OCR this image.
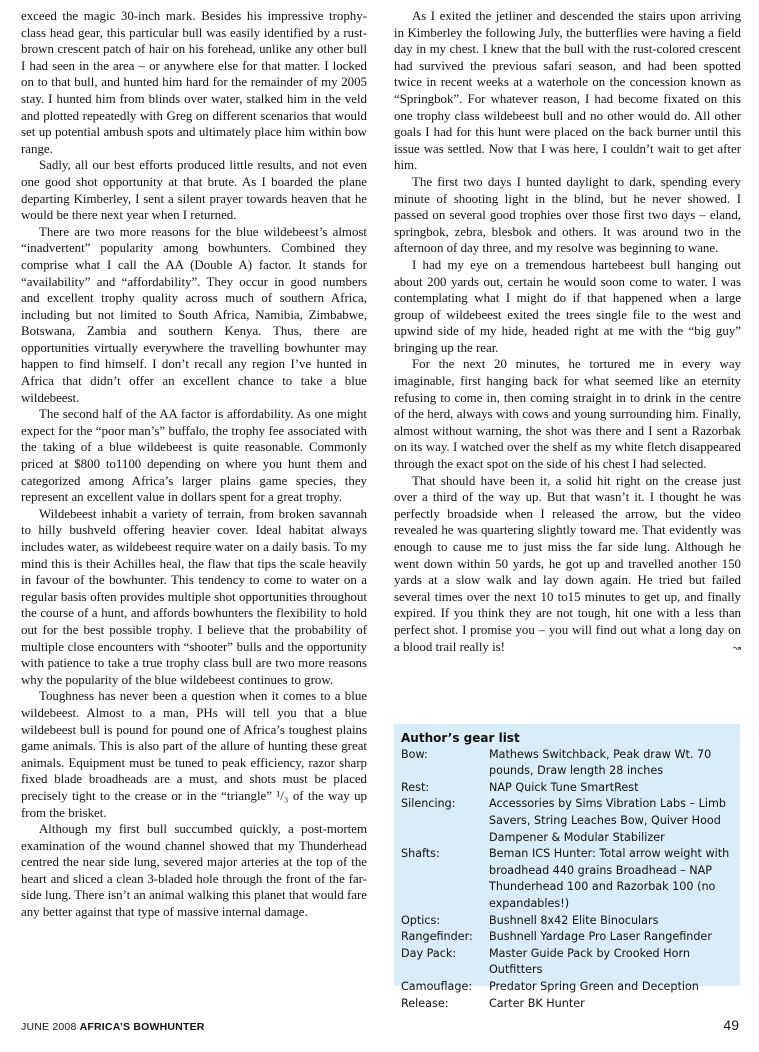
exceed the magic 30-inch mark. Besides his impressive trophy-class head gear, this particular bull was easily identified by a rust-brown crescent patch of hair on his forehead, unlike any other bull I had seen in the area – or anywhere else for that matter. I locked on to that bull, and hunted him hard for the remainder of my 2005 stay. I hunted him from blinds over water, stalked him in the veld and plotted repeatedly with Greg on different scenarios that would set up potential ambush spots and ultimately place him within bow range.

Sadly, all our best efforts produced little results, and not even one good shot opportunity at that brute. As I boarded the plane departing Kimberley, I sent a silent prayer towards heaven that he would be there next year when I returned.

There are two more reasons for the blue wildebeest’s almost “inadvertent” popularity among bowhunters. Combined they comprise what I call the AA (Double A) factor. It stands for “availability” and “affordability”. They occur in good numbers and excellent trophy quality across much of southern Africa, including but not limited to South Africa, Namibia, Zimbabwe, Botswana, Zambia and southern Kenya. Thus, there are opportunities virtually everywhere the travelling bowhunter may happen to find himself. I don’t recall any region I’ve hunted in Africa that didn’t offer an excellent chance to take a blue wildebeest.

The second half of the AA factor is affordability. As one might expect for the “poor man’s” buffalo, the trophy fee associated with the taking of a blue wildebeest is quite reasonable. Commonly priced at $800 to1100 depending on where you hunt them and categorized among Africa’s larger plains game species, they represent an excellent value in dollars spent for a great trophy.

Wildebeest inhabit a variety of terrain, from broken savannah to hilly bushveld offering heavier cover. Ideal habitat always includes water, as wildebeest require water on a daily basis. To my mind this is their Achilles heal, the flaw that tips the scale heavily in favour of the bowhunter. This tendency to come to water on a regular basis often provides multiple shot opportunities throughout the course of a hunt, and affords bowhunters the flexibility to hold out for the best possible trophy. I believe that the probability of multiple close encounters with “shooter” bulls and the opportunity with patience to take a true trophy class bull are two more reasons why the popularity of the blue wildebeest continues to grow.

Toughness has never been a question when it comes to a blue wildebeest. Almost to a man, PHs will tell you that a blue wildebeest bull is pound for pound one of Africa’s toughest plains game animals. This is also part of the allure of hunting these great animals. Equipment must be tuned to peak efficiency, razor sharp fixed blade broadheads are a must, and shots must be placed precisely tight to the crease or in the “triangle” ¹/₃ of the way up from the brisket.

Although my first bull succumbed quickly, a post-mortem examination of the wound channel showed that my Thunderhead centred the near side lung, severed major arteries at the top of the heart and sliced a clean 3-bladed hole through the front of the far-side lung. There isn’t an animal walking this planet that would fare any better against that type of massive internal damage.

As I exited the jetliner and descended the stairs upon arriving in Kimberley the following July, the butterflies were having a field day in my chest. I knew that the bull with the rust-colored crescent had survived the previous safari season, and had been spotted twice in recent weeks at a waterhole on the concession known as “Springbok”. For whatever reason, I had become fixated on this one trophy class wildebeest bull and no other would do. All other goals I had for this hunt were placed on the back burner until this issue was settled. Now that I was here, I couldn’t wait to get after him.

The first two days I hunted daylight to dark, spending every minute of shooting light in the blind, but he never showed. I passed on several good trophies over those first two days – eland, springbok, zebra, blesbok and others. It was around two in the afternoon of day three, and my resolve was beginning to wane.

I had my eye on a tremendous hartebeest bull hanging out about 200 yards out, certain he would soon come to water. I was contemplating what I might do if that happened when a large group of wildebeest exited the trees single file to the west and upwind side of my hide, headed right at me with the “big guy” bringing up the rear.

For the next 20 minutes, he tortured me in every way imaginable, first hanging back for what seemed like an eternity refusing to come in, then coming straight in to drink in the centre of the herd, always with cows and young surrounding him. Finally, almost without warning, the shot was there and I sent a Razorbak on its way. I watched over the shelf as my white fletch disappeared through the exact spot on the side of his chest I had selected.

That should have been it, a solid hit right on the crease just over a third of the way up. But that wasn’t it. I thought he was perfectly broadside when I released the arrow, but the video revealed he was quartering slightly toward me. That evidently was enough to cause me to just miss the far side lung. Although he went down within 50 yards, he got up and travelled another 150 yards at a slow walk and lay down again. He tried but failed several times over the next 10 to15 minutes to get up, and finally expired. If you think they are not tough, hit one with a less than perfect shot. I promise you – you will find out what a long day on a blood trail really is!	↝

Author’s gear list
Bow:	Mathews Switchback, Peak draw Wt. 70 pounds, Draw length 28 inches
Rest:	NAP Quick Tune SmartRest
Silencing:	Accessories by Sims Vibration Labs – Limb Savers, String Leaches Bow, Quiver Hood Dampener & Modular Stabilizer
Shafts:	Beman ICS Hunter: Total arrow weight with broadhead 440 grains Broadhead – NAP Thunderhead 100 and Razorbak 100 (no expandables!)
Optics:	Bushnell 8x42 Elite Binoculars
Rangefinder:	Bushnell Yardage Pro Laser Rangefinder
Day Pack:	Master Guide Pack by Crooked Horn Outfitters
Camouflage:	Predator Spring Green and Deception
Release:	Carter BK Hunter
JUNE 2008 AFRICA’S BOWHUNTER	49
